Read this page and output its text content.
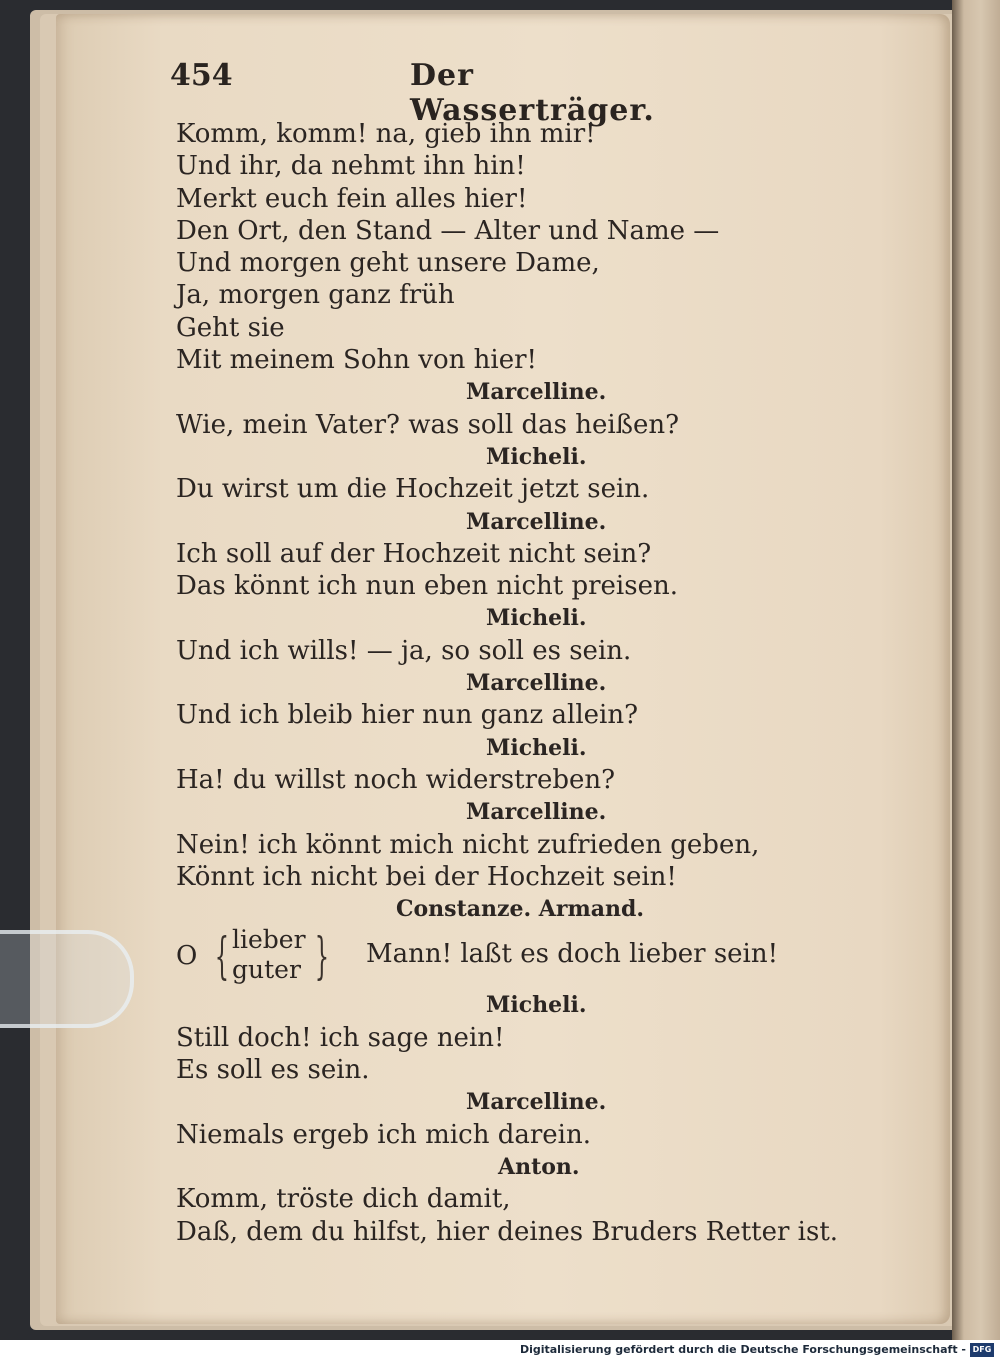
454	Der Wasserträger.
Komm, komm! na, gieb ihn mir!
Und ihr, da nehmt ihn hin!
Merkt euch fein alles hier!
Den Ort, den Stand — Alter und Name —
Und morgen geht unsere Dame,
Ja, morgen ganz früh
Geht sie
Mit meinem Sohn von hier!
Marcelline.
Wie, mein Vater? was soll das heißen?
Micheli.
Du wirst um die Hochzeit jetzt sein.
Marcelline.
Ich soll auf der Hochzeit nicht sein?
Das könnt ich nun eben nicht preisen.
Micheli.
Und ich wills! — ja, so soll es sein.
Marcelline.
Und ich bleib hier nun ganz allein?
Micheli.
Ha! du willst noch widerstreben?
Marcelline.
Nein! ich könnt mich nicht zufrieden geben,
Könnt ich nicht bei der Hochzeit sein!
Constanze. Armand.
O { lieber
guter } Mann! laßt es doch lieber sein!
Micheli.
Still doch! ich sage nein!
Es soll es sein.
Marcelline.
Niemals ergeb ich mich darein.
Anton.
Komm, tröste dich damit,
Daß, dem du hilfst, hier deines Bruders Retter ist.
Digitalisierung gefördert durch die Deutsche Forschungsgemeinschaft - DFG
